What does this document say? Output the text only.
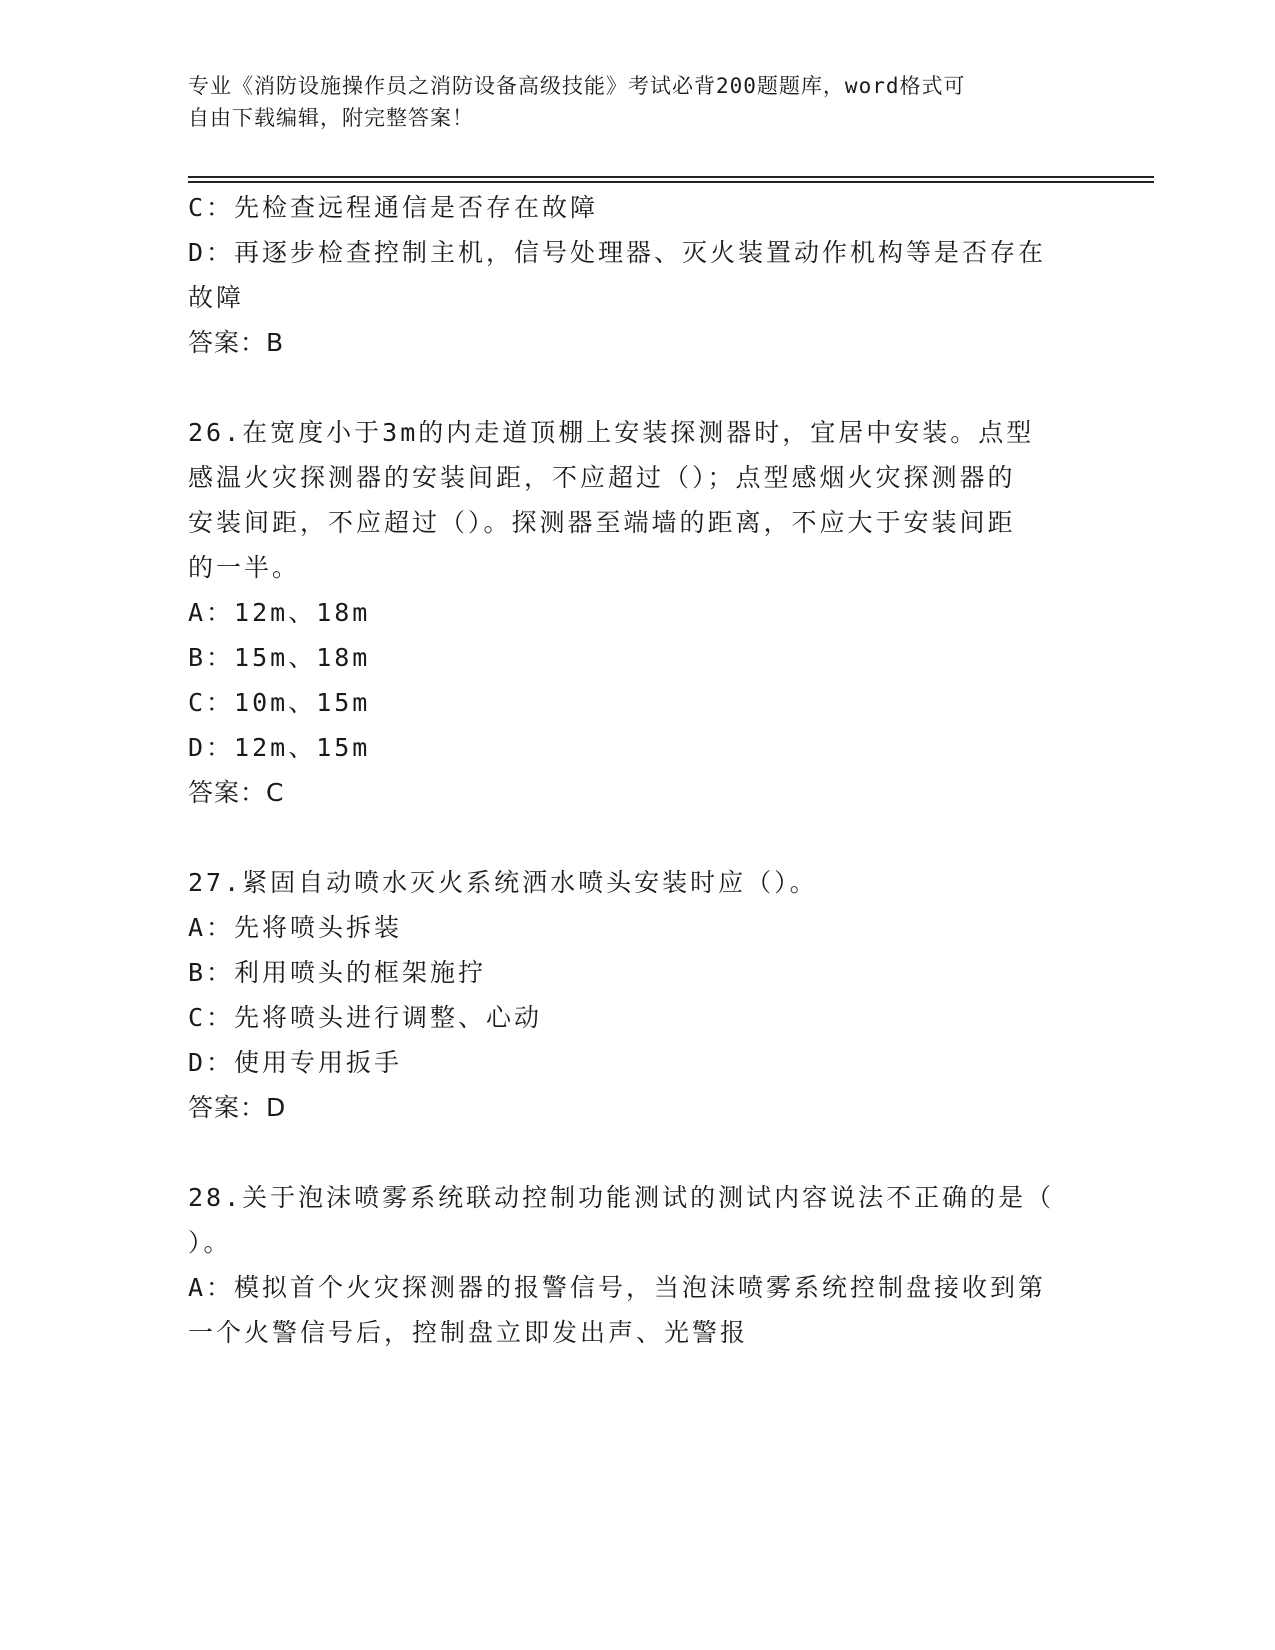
专业《消防设施操作员之消防设备高级技能》考试必背200题题库，word格式可
自由下载编辑，附完整答案！

C：先检查远程通信是否存在故障

D：再逐步检查控制主机，信号处理器、灭火装置动作机构等是否存在

故障

答案：B

26.在宽度小于3m的内走道顶棚上安装探测器时，宜居中安装。点型

感温火灾探测器的安装间距，不应超过（）；点型感烟火灾探测器的

安装间距，不应超过（）。探测器至端墙的距离，不应大于安装间距

的一半。

A：12m、18m

B：15m、18m

C：10m、15m

D：12m、15m

答案：C

27.紧固自动喷水灭火系统洒水喷头安装时应（）。

A：先将喷头拆装

B：利用喷头的框架施拧

C：先将喷头进行调整、心动

D：使用专用扳手

答案：D

28.关于泡沫喷雾系统联动控制功能测试的测试内容说法不正确的是（

）。

A：模拟首个火灾探测器的报警信号，当泡沫喷雾系统控制盘接收到第

一个火警信号后，控制盘立即发出声、光警报
